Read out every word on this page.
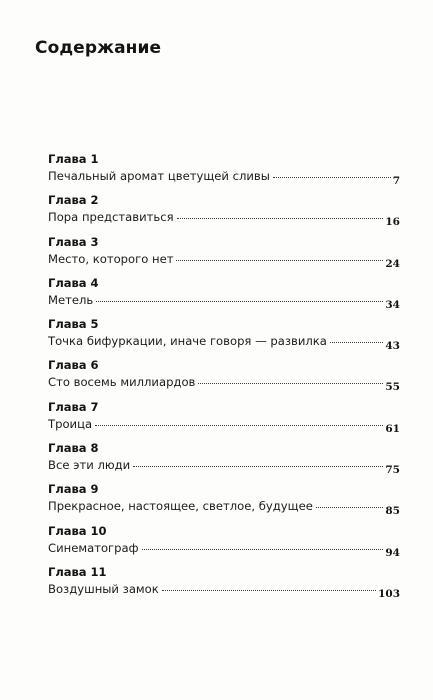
Содержание
Глава 1
Печальный аромат цветущей сливы	7
Глава 2
Пора представиться	16
Глава 3
Место, которого нет	24
Глава 4
Метель	34
Глава 5
Точка бифуркации, иначе говоря — развилка	43
Глава 6
Сто восемь миллиардов	55
Глава 7
Троица	61
Глава 8
Все эти люди	75
Глава 9
Прекрасное, настоящее, светлое, будущее	85
Глава 10
Синематограф	94
Глава 11
Воздушный замок	103
